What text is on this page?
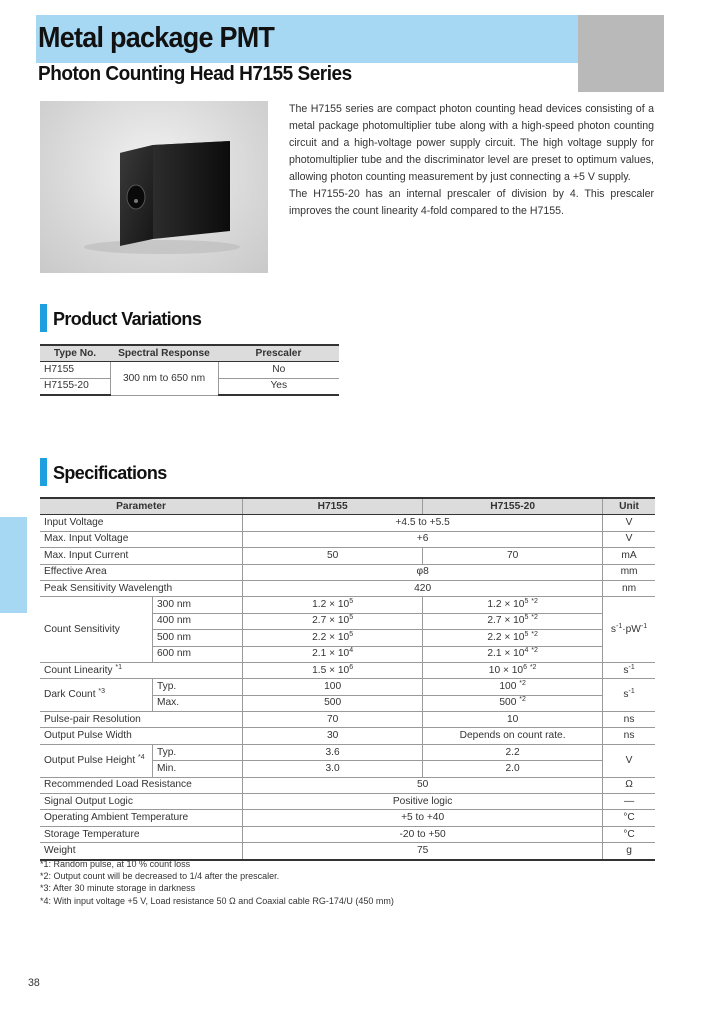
Metal package PMT
Photon Counting Head H7155 Series

The H7155 series are compact photon counting head devices consisting of a metal package photomultiplier tube along with a high-speed photon counting circuit and a high-voltage power supply circuit. The high voltage supply for photomultiplier tube and the discriminator level are preset to optimum values, allowing photon counting measurement by just connecting a +5 V supply.

The H7155-20 has an internal prescaler of division by 4. This prescaler improves the count linearity 4-fold compared to the H7155.

Product Variations
Type No.	Spectral Response	Prescaler
H7155	300 nm to 650 nm	No
H7155-20		Yes
Specifications
Parameter		H7155	H7155-20	Unit
Input Voltage		+4.5 to +5.5		V
Max. Input Voltage		+6		V
Max. Input Current		50	70	mA
Effective Area		φ8		mm
Peak Sensitivity Wavelength		420		nm
Count Sensitivity	300 nm	$1.2 \times 10^5$	$1.2 \times 10^5$ $^{*2}$	$s^{-1}\cdot pW^{-1}$
	400 nm	$2.7 \times 10^5$	$2.7 \times 10^5$ $^{*2}$
	500 nm	$2.2 \times 10^5$	$2.2 \times 10^5$ $^{*2}$
	600 nm	$2.1 \times 10^4$	$2.1 \times 10^4$ $^{*2}$
Count Linearity $^{*1}$		$1.5 \times 10^6$	$10 \times 10^6$ $^{*2}$	$s^{-1}$
Dark Count $^{*3}$	Typ.	100	100 $^{*2}$	$s^{-1}$
	Max.	500	500 $^{*2}$
Pulse-pair Resolution		70	10	ns
Output Pulse Width		30	Depends on count rate.	ns
Output Pulse Height $^{*4}$	Typ.	3.6	2.2	V
	Min.	3.0	2.0	
Recommended Load Resistance		50		Ω
Signal Output Logic		Positive logic		—
Operating Ambient Temperature		+5 to +40		°C
Storage Temperature		-20 to +50		°C
Weight		75		g
*1: Random pulse, at 10 % count loss
*2: Output count will be decreased to 1/4 after the prescaler.
*3: After 30 minute storage in darkness
*4: With input voltage +5 V, Load resistance 50 Ω and Coaxial cable RG-174/U (450 mm)
38
